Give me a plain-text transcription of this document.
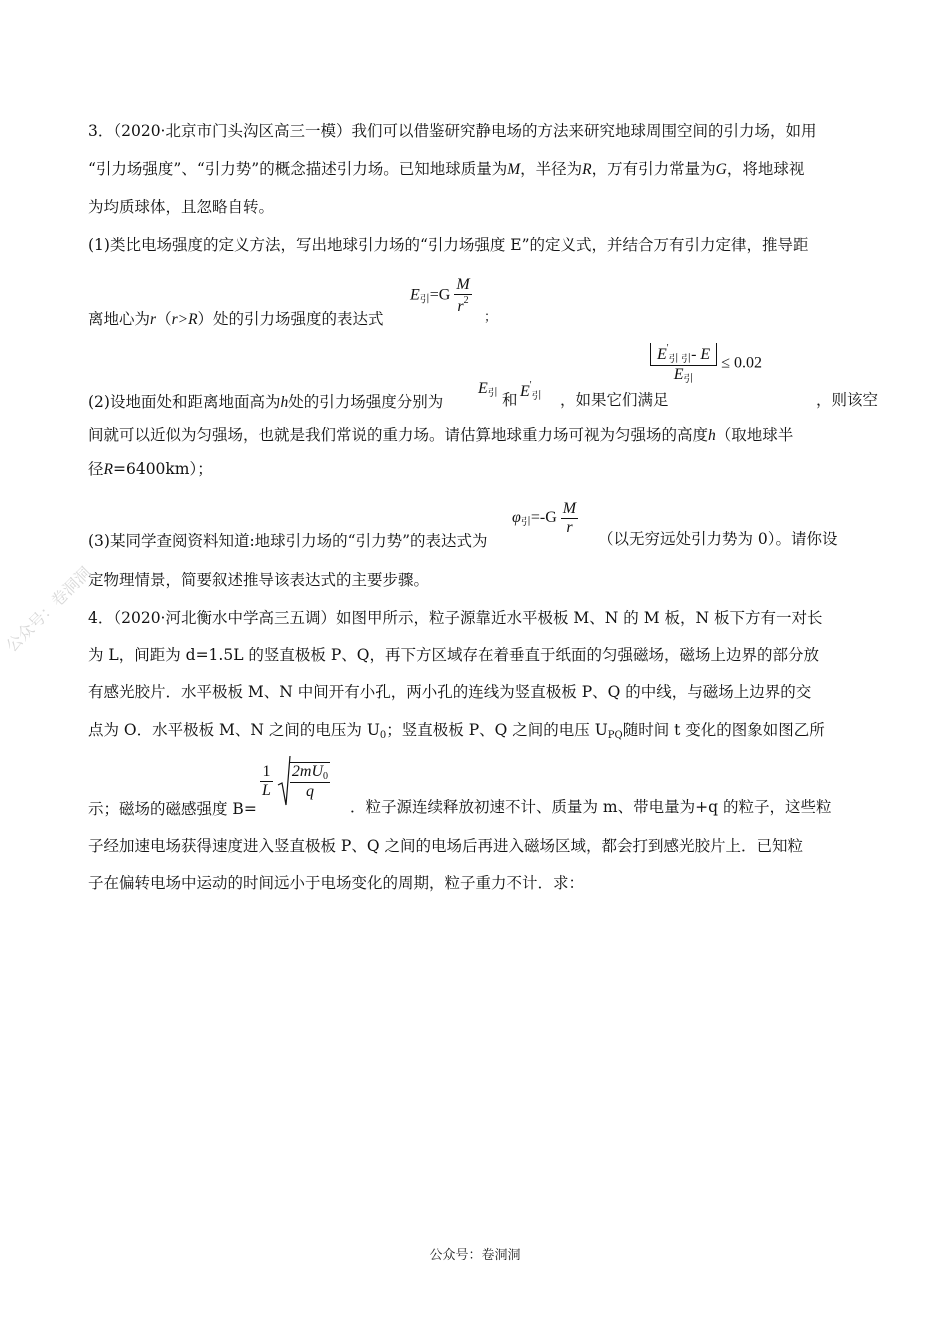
3．（2020·北京市门头沟区高三一模）我们可以借鉴研究静电场的方法来研究地球周围空间的引力场，如用
“引力场强度”、“引力势”的概念描述引力场。已知地球质量为M，半径为R，万有引力常量为G，将地球视
为均质球体，且忽略自转。
(1)类比电场强度的定义方法，写出地球引力场的“引力场强度 E”的定义式，并结合万有引力定律，推导距
离地心为r（r>R）处的引力场强度的表达式
$E_引=G \frac{M}{r^2}$
；
$\frac{E'_{引 引}- E}{E_引} \le 0.02$
(2)设地面处和距离地面高为h处的引力场强度分别为
$E_引$ 和
$E'_引$ ，如果它们满足	，则该空
间就可以近似为匀强场，也就是我们常说的重力场。请估算地球重力场可视为匀强场的高度h（取地球半
径R=6400km）；
(3)某同学查阅资料知道:地球引力场的“引力势”的表达式为
$\varphi_引=-G \frac{M}{r}$
（以无穷远处引力势为 0）。请你设
定物理情景，简要叙述推导该表达式的主要步骤。
4．（2020·河北衡水中学高三五调）如图甲所示，粒子源靠近水平极板 M、N 的 M 板，N 板下方有一对长
为 L，间距为 d=1.5L 的竖直极板 P、Q，再下方区域存在着垂直于纸面的匀强磁场，磁场上边界的部分放
有感光胶片．水平极板 M、N 中间开有小孔，两小孔的连线为竖直极板 P、Q 的中线，与磁场上边界的交
点为 O．水平极板 M、N 之间的电压为 $U_0$；竖直极板 P、Q 之间的电压 $U_{PQ}$随时间 t 变化的图象如图乙所
示；磁场的磁感强度 B=
$\frac{1}{L}$
$\frac{2mU_0}{q}$
．粒子源连续释放初速不计、质量为 m、带电量为+q 的粒子，这些粒
子经加速电场获得速度进入竖直极板 P、Q 之间的电场后再进入磁场区域，都会打到感光胶片上．已知粒
子在偏转电场中运动的时间远小于电场变化的周期，粒子重力不计．求：
公众号：卷洞洞
公众号：卷洞洞
